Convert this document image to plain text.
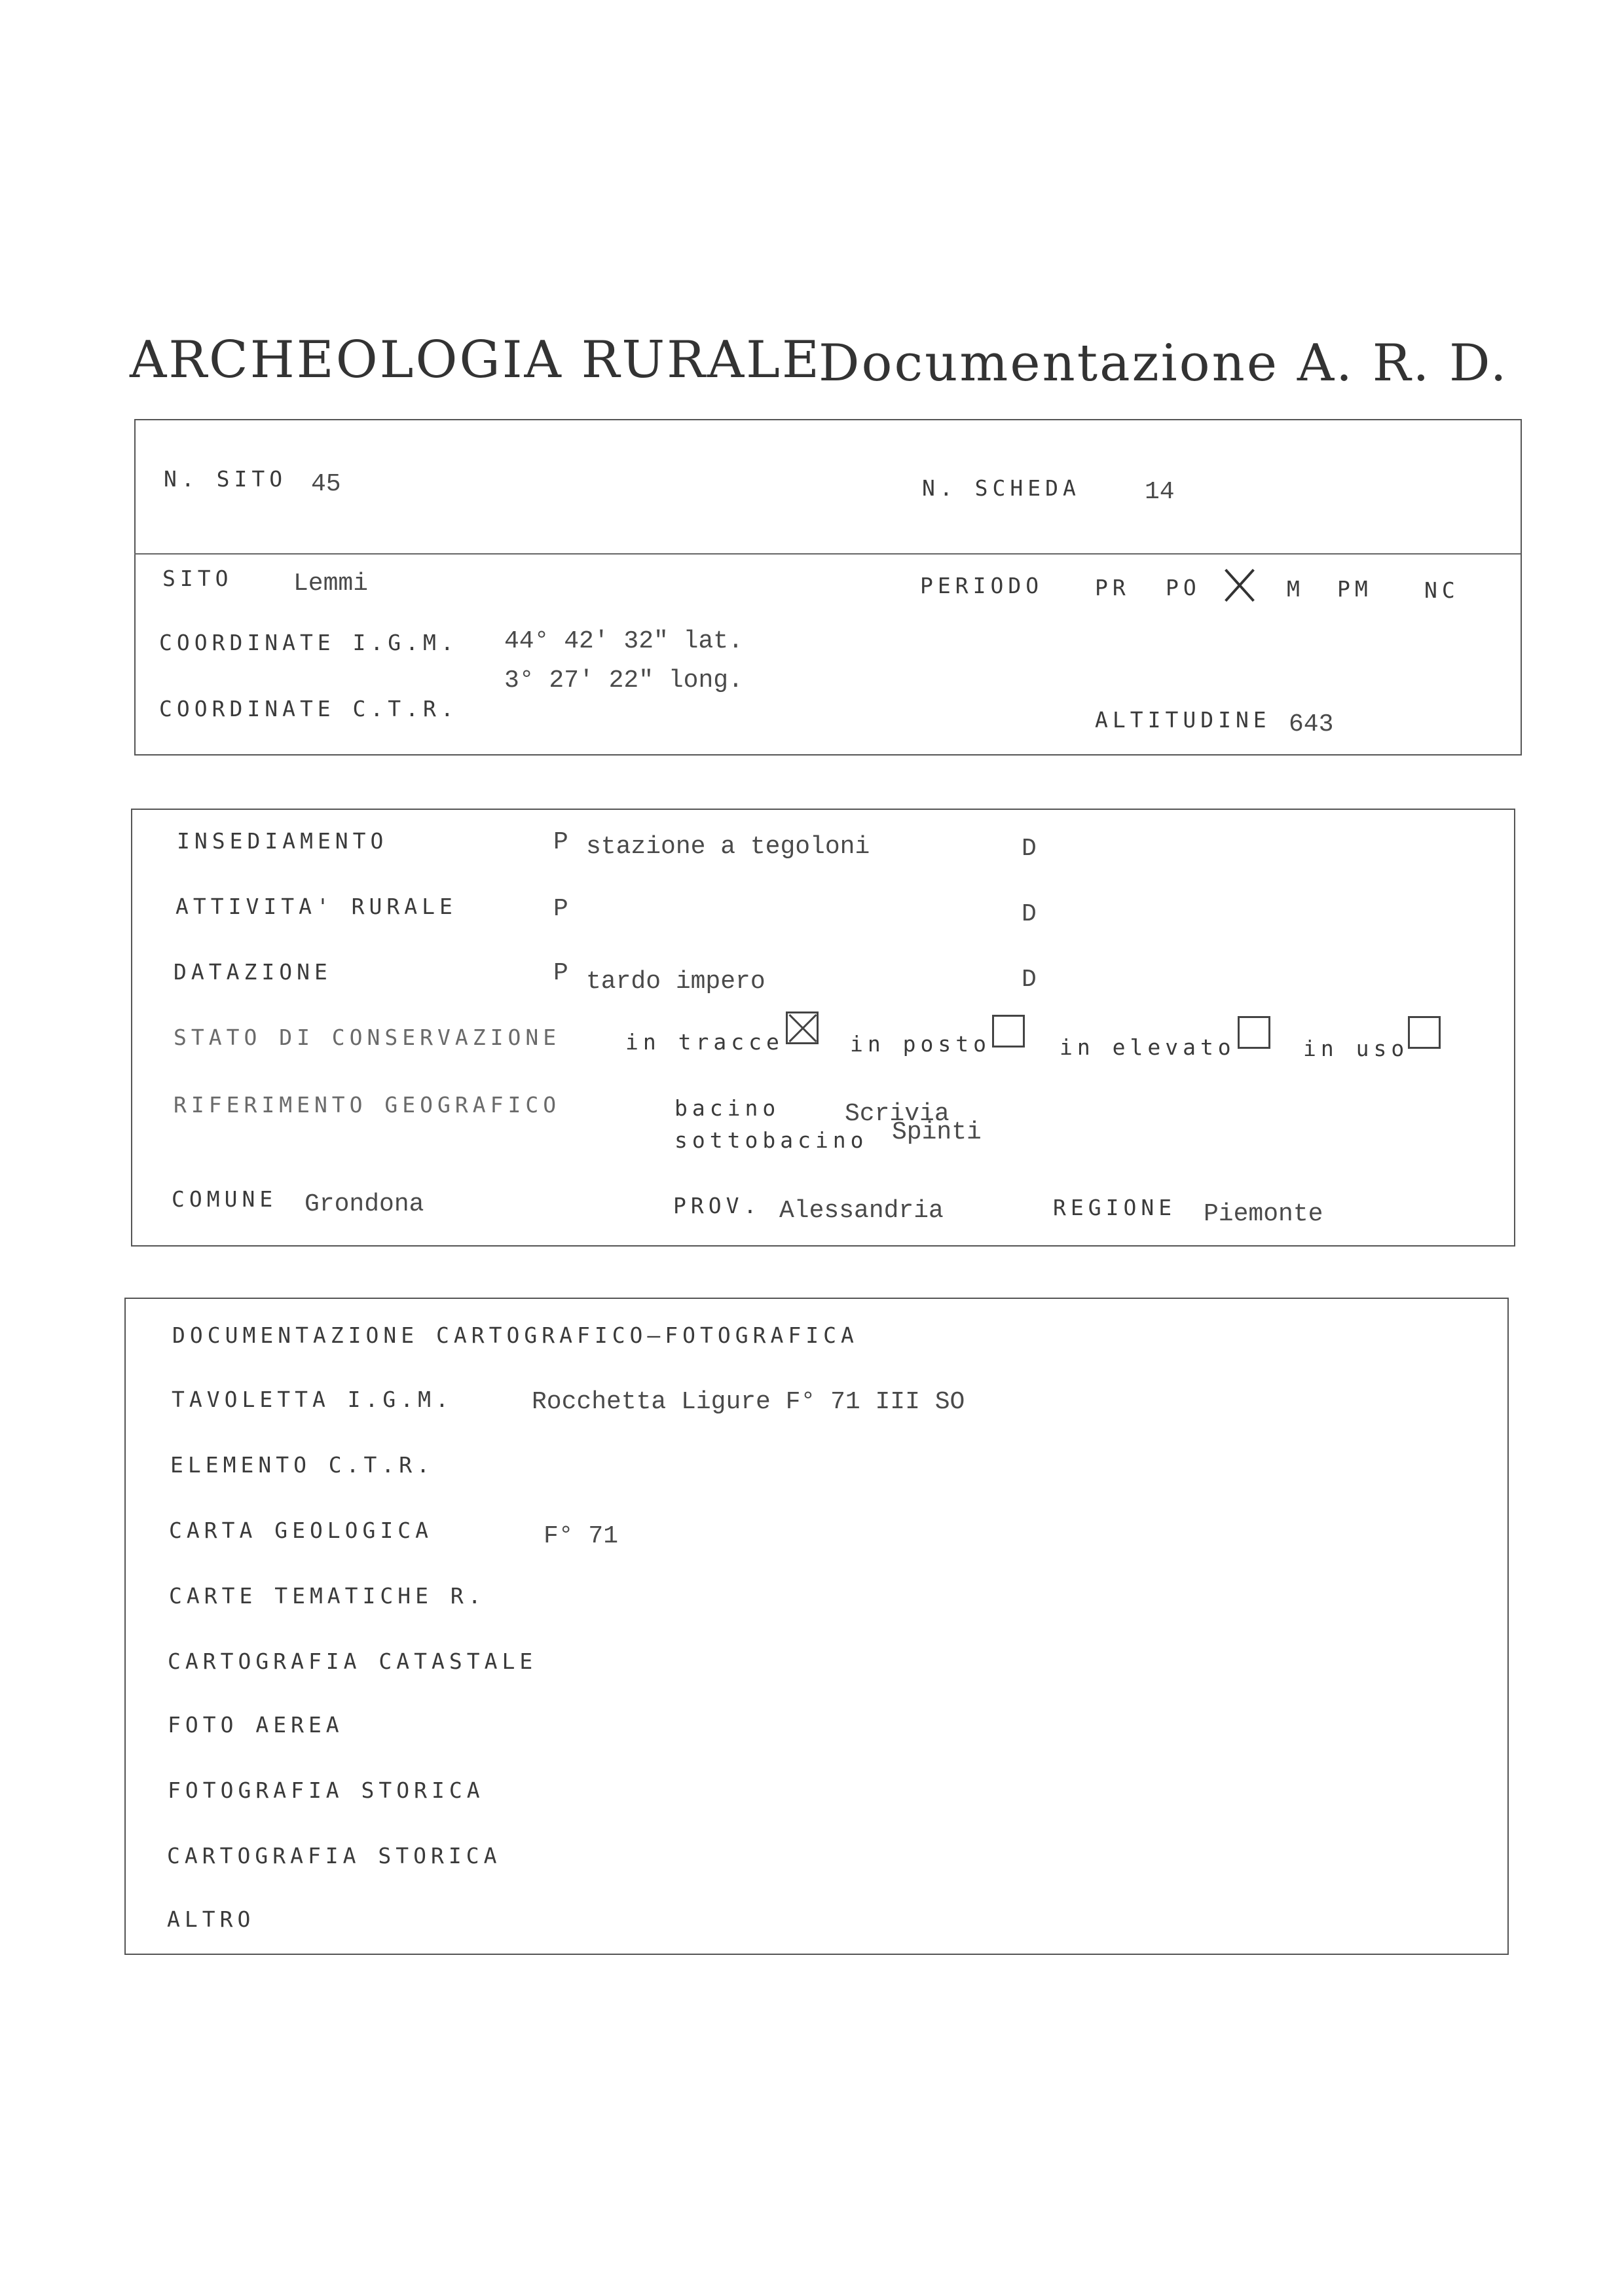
ARCHEOLOGIA RURALE
Documentazione A. R. D.
N. SITO 45	N. SCHEDA	14
SITO Lemmi	PERIODO PR PO	M PM NC
COORDINATE I.G.M. 44° 42' 32" lat.
3° 27' 22" long.
COORDINATE C.T.R.	ALTITUDINE 643
INSEDIAMENTO	P stazione a tegoloni	D
ATTIVITA' RURALE	P	D
DATAZIONE	P tardo impero	D
STATO DI CONSERVAZIONE	in tracce	in posto	in elevato	in uso
RIFERIMENTO GEOGRAFICO	bacino	Scrivia
sottobacino Spinti
COMUNE Grondona	PROV. Alessandria	REGIONE Piemonte
DOCUMENTAZIONE CARTOGRAFICO—FOTOGRAFICA
TAVOLETTA I.G.M.	Rocchetta Ligure F° 71 III SO
ELEMENTO C.T.R.
CARTA GEOLOGICA	F° 71
CARTE TEMATICHE R.
CARTOGRAFIA CATASTALE
FOTO AEREA
FOTOGRAFIA STORICA
CARTOGRAFIA STORICA
ALTRO
